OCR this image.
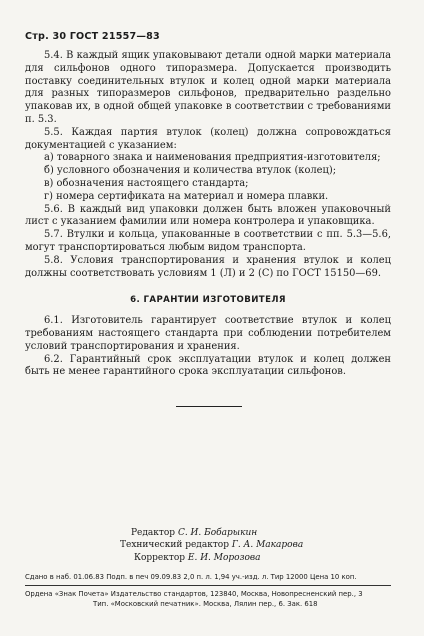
Стр. 30 ГОСТ 21557—83

5.4. В каждый ящик упаковывают детали одной марки материала для сильфонов одного типоразмера. Допускается производить поставку соединительных втулок и колец одной марки материала для разных типоразмеров сильфонов, предварительно раздельно упаковав их, в одной общей упаковке в соответствии с требованиями п. 5.3.

5.5. Каждая партия втулок (колец) должна сопровождаться документацией с указанием:

а) товарного знака и наименования предприятия-изготовителя;

б) условного обозначения и количества втулок (колец);

в) обозначения настоящего стандарта;

г) номера сертификата на материал и номера плавки.

5.6. В каждый вид упаковки должен быть вложен упаковочный лист с указанием фамилии или номера контролера и упаковщика.

5.7. Втулки и кольца, упакованные в соответствии с пп. 5.3—5.6, могут транспортироваться любым видом транспорта.

5.8. Условия транспортирования и хранения втулок и колец должны соответствовать условиям 1 (Л) и 2 (С) по ГОСТ 15150—69.

6. ГАРАНТИИ ИЗГОТОВИТЕЛЯ

6.1. Изготовитель гарантирует соответствие втулок и колец требованиям настоящего стандарта при соблюдении потребителем условий транспортирования и хранения.

6.2. Гарантийный срок эксплуатации втулок и колец должен быть не менее гарантийного срока эксплуатации сильфонов.

Редактор С. И. Бобарыкин
Технический редактор Г. А. Макарова
Корректор Е. И. Морозова
Сдано в наб. 01.06.83 Подп. в печ 09.09.83 2,0 п. л. 1,94 уч.-изд. л. Тир 12000 Цена 10 коп.
Ордена «Знак Почета» Издательство стандартов, 123840, Москва, Новопресненский пер., 3
Тип. «Московский печатник». Москва, Лялин пер., 6. Зак. 618
